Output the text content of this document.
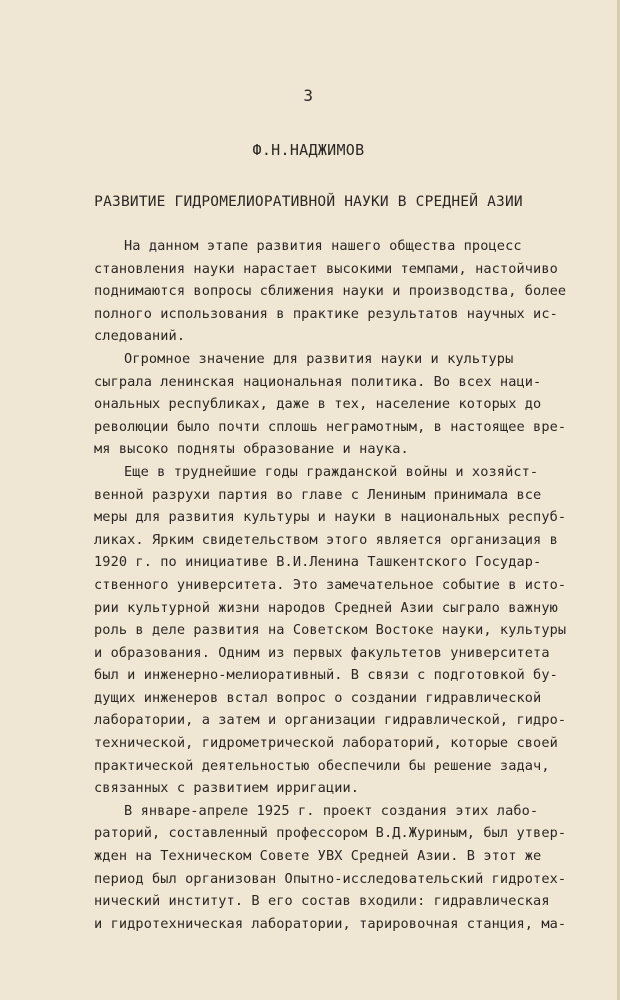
3
Ф.Н.НАДЖИМОВ
РАЗВИТИЕ ГИДРОМЕЛИОРАТИВНОЙ НАУКИ В СРЕДНЕЙ АЗИИ
На данном этапе развития нашего общества процесс
становления науки нарастает высокими темпами, настойчиво
поднимаются вопросы сближения науки и производства, более
полного использования в практике результатов научных ис-
следований.
Огромное значение для развития науки и культуры
сыграла ленинская национальная политика. Во всех наци-
ональных республиках, даже в тех, население которых до
революции было почти сплошь неграмотным, в настоящее вре-
мя высоко подняты образование и наука.
Еще в труднейшие годы гражданской войны и хозяйст-
венной разрухи партия во главе с Лениным принимала все
меры для развития культуры и науки в национальных респуб-
ликах. Ярким свидетельством этого является организация в
1920 г. по инициативе В.И.Ленина Ташкентского Государ-
ственного университета. Это замечательное событие в исто-
рии культурной жизни народов Средней Азии сыграло важную
роль в деле развития на Советском Востоке науки, культуры
и образования. Одним из первых факультетов университета
был и инженерно-мелиоративный. В связи с подготовкой бу-
дущих инженеров встал вопрос о создании гидравлической
лаборатории, а затем и организации гидравлической, гидро-
технической, гидрометрической лабораторий, которые своей
практической деятельностью обеспечили бы решение задач,
связанных с развитием ирригации.
В январе-апреле 1925 г. проект создания этих лабо-
раторий, составленный профессором В.Д.Журиным, был утвер-
жден на Техническом Совете УВХ Средней Азии. В этот же
период был организован Опытно-исследовательский гидротех-
нический институт. В его состав входили: гидравлическая
и гидротехническая лаборатории, тарировочная станция, ма-
